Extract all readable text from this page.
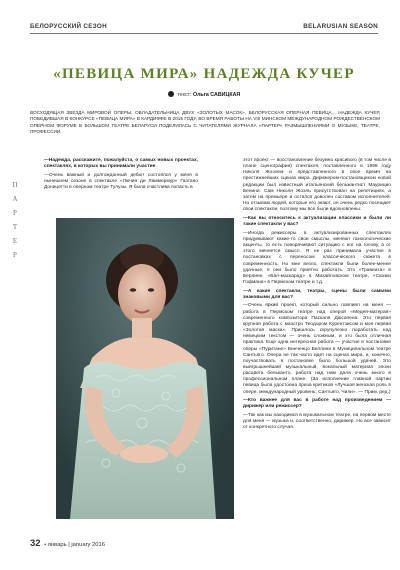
БЕЛОРУССКИЙ СЕЗОН	BELARUSIAN SEASON
«ПЕВИЦА МИРА» НАДЕЖДА КУЧЕР
текст: Ольга САВИЦКАЯ

ВОСХОДЯЩАЯ ЗВЕЗДА МИРОВОЙ ОПЕРЫ, ОБЛАДАТЕЛЬНИЦА ДВУХ «ЗОЛОТЫХ МАСОК», БЕЛОРУССКАЯ ОПЕРНАЯ ПЕВИЦА... НАДЕЖДА КУЧЕР, ПОБЕДИВШАЯ В КОНКУРСЕ «ПЕВИЦА МИРА» В КАРДИФФЕ В 2015 ГОДУ, ВО ВРЕМЯ РАБОТЫ НА VIII МИНСКОМ МЕЖДУНАРОДНОМ РОЖДЕСТВЕНСКОМ ОПЕРНОМ ФОРУМЕ В БОЛЬШОМ ТЕАТРЕ БЕЛАРУСИ ПОДЕЛИЛАСЬ С ЧИТАТЕЛЯМИ ЖУРНАЛА «ПАРТЕР» РАЗМЫШЛЕНИЯМИ О МУЗЫКЕ, ТЕАТРЕ, ПРОФЕССИИ.

П
А
Р
Т
Е
Р

— Надежда, расскажите, пожалуйста, о самых новых проектах, спектаклях, в которых вы принимали участие.

— Очень важный и долгожданный дебют состоялся у меня в нынешнем сезоне в спектакле «Лючия ди Ламмермур» Гаэтано Доницетти в оперном театре Тулузы. Я была счастлива попасть в

этот проект — восстановление безумно красивого (в том числе в плане сценографии) спектакля, поставленного в 1998 году Николя Жоэлем и представленного в свое время на престижнейших сценах мира. Дирижером-постановщиком новой редакции был известный итальянский бельжантист Маурицио Бенини. Сам Николя Жоэль присутствовал на репетициях, а затем на премьере и остался доволен составом исполнителей. Но отзывам людей, которые его знают, он очень редко посещает свои спектакли, поэтому мы все были вдохновлены.

— Как вы относитесь к актуализации классики и были ли такие спектакли у вас?

— Иногда режиссеры в актуализированных спектаклях придумывают какие-то свои смыслы, меняют психологические акценты, то есть поворачивают ситуацию с ног на голову, а от этого меняется смысл. Я не раз принимала участие в постановках с переносом классического сюжета в современность. Но мне везло, спектакли были более-менее удачные, я они было приятно работать. Это «Травиата» в Берлине, «Бал-маскарад» в Михайловском театре, «Сказки Гофмана» в Пермском театре и т.д.

— А какие спектакли, театры, сцены были самыми знаковыми для вас?

— Очень яркий проект, который сильно повлиял на меня — работа в Пермском театре над оперой «Медея-матерая» современного композитора Паскаля Дюсапена. Это первая крупная работа с маэстро Теодором Курентзисом и моя первая «Золотая маска». Пришлось скрупулезно поработать над немецким текстом — очень сложным, и это была отличная практика. Еще одна интересная работа — участие в постановке оперы «Пуритане» Винченцо Беллини в Муниципальном театре Сантьяго. Опера не так часто идет на сценах мира, и, конечно, поучаствовать в постановке было большой удачей. Это выигрышнейший музыкальный, вокальный материал эпохи расцвета бельканто, работа над ним дала очень много в профессиональном плане. (За исполнение главной партии певица была удостоена приза критиков «Лучшая женская роль в опере, международный уровень, Сантьяго, Чили». — Прим. ред.)

— Кто важнее для вас в работе над произведением — дирижер или режиссер?

— Так как мы находимся в музыкальном театре, на первом месте для меня — музыка и, соответственно, дирижер. Но все зависит от конкретного случая.

32 • январь | january 2016
